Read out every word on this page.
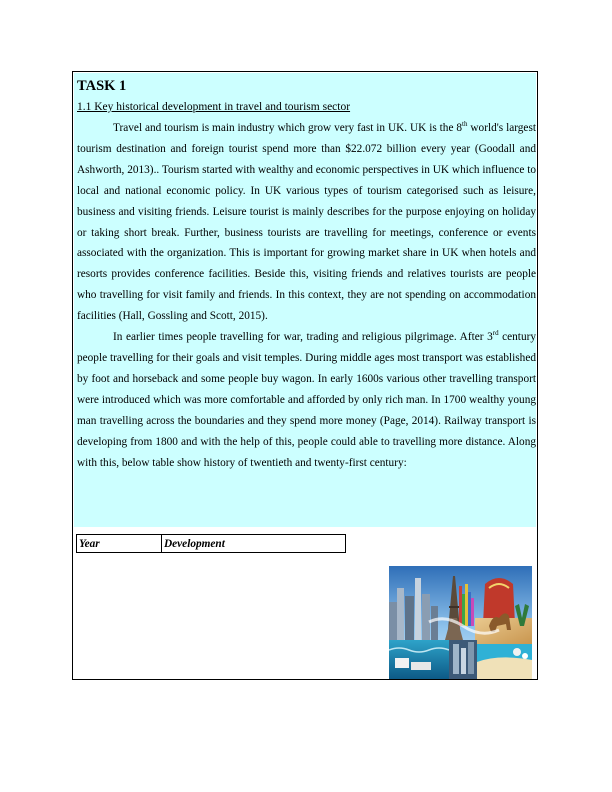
TASK 1
1.1 Key historical development in travel and tourism sector

Travel and tourism is main industry which grow very fast in UK. UK is the 8th world's largest tourism destination and foreign tourist spend more than $22.072 billion every year (Goodall and Ashworth, 2013).. Tourism started with wealthy and economic perspectives in UK which influence to local and national economic policy. In UK various types of tourism categorised such as leisure, business and visiting friends. Leisure tourist is mainly describes for the purpose enjoying on holiday or taking short break. Further, business tourists are travelling for meetings, conference or events associated with the organization. This is important for growing market share in UK when hotels and resorts provides conference facilities. Beside this, visiting friends and relatives tourists are people who travelling for visit family and friends. In this context, they are not spending on accommodation facilities (Hall, Gossling and Scott, 2015).

In earlier times people travelling for war, trading and religious pilgrimage. After 3rd century people travelling for their goals and visit temples. During middle ages most transport was established by foot and horseback and some people buy wagon. In early 1600s various other travelling transport were introduced which was more comfortable and afforded by only rich man. In 1700 wealthy young man travelling across the boundaries and they spend more money (Page, 2014). Railway transport is developing from 1800 and with the help of this, people could able to travelling more distance. Along with this, below table show history of twentieth and twenty-first century:

Year	Development
